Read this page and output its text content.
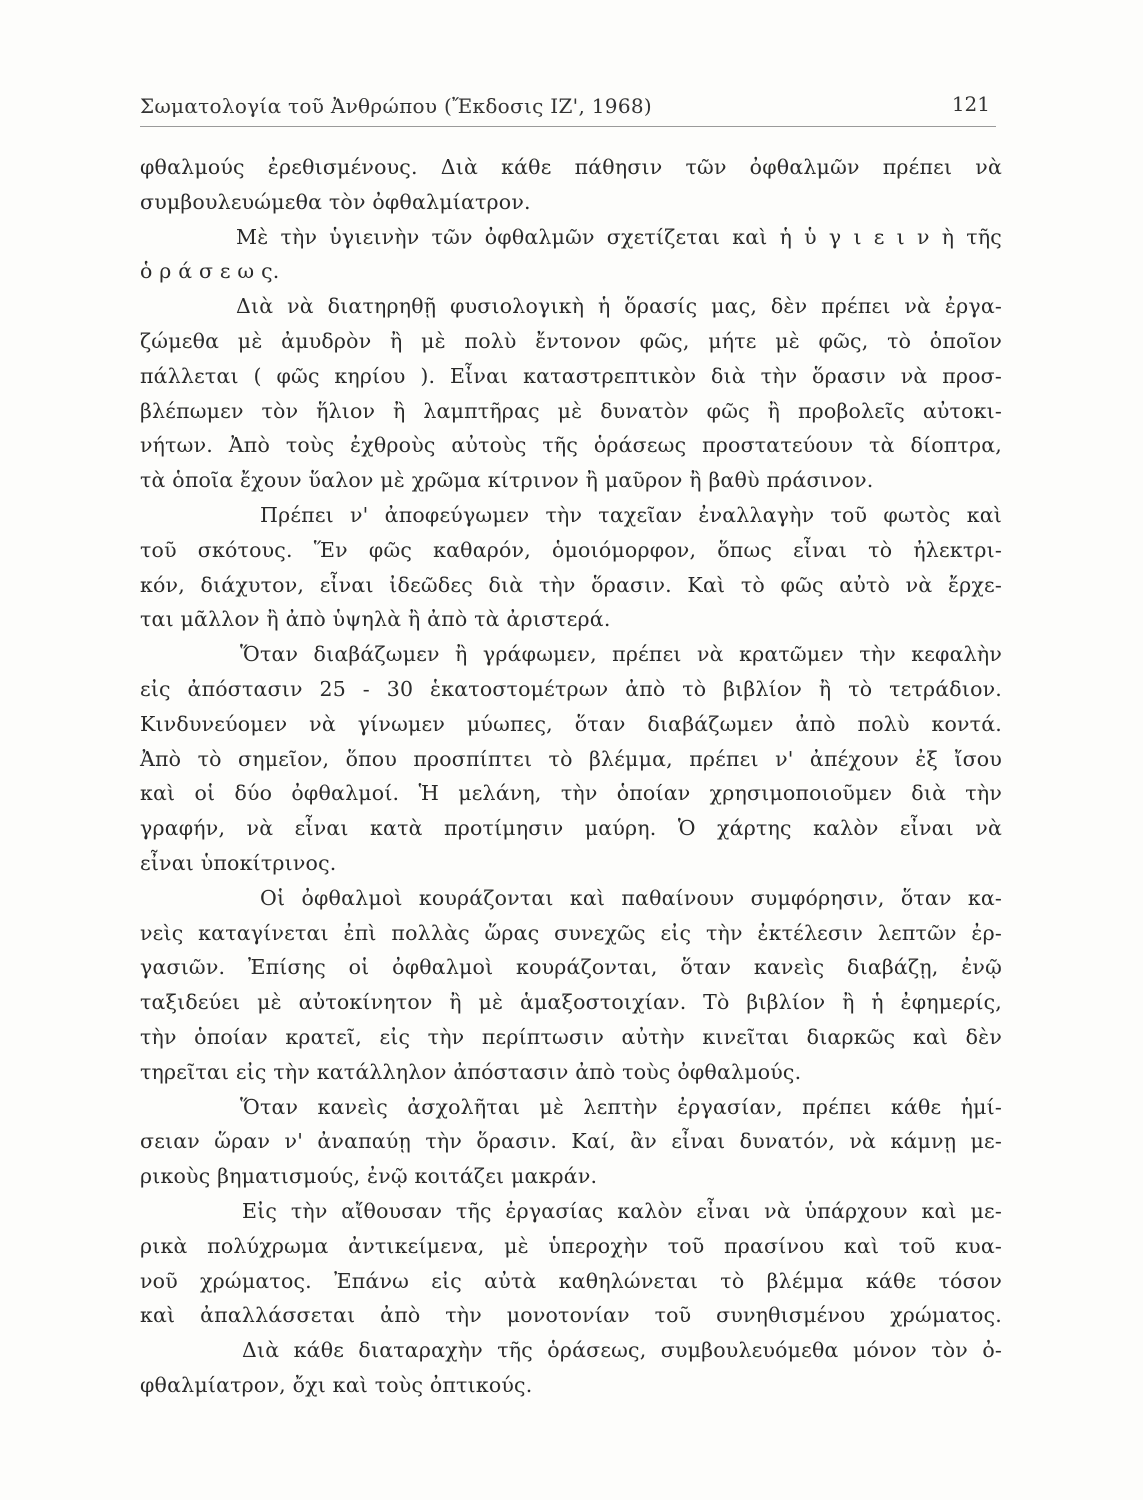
Σωματολογία τοῦ Ἀνθρώπου (Ἔκδοσις ΙΖ', 1968)	121
φθαλμούς ἐρεθισμένους. Διὰ κάθε πάθησιν τῶν ὀφθαλμῶν πρέπει νὰ
συμβουλευώμεθα τὸν ὀφθαλμίατρον.
Μὲ τὴν ὑγιεινὴν τῶν ὀφθαλμῶν σχετίζεται καὶ ἡ ὑ γ ι ε ι ν ὴ τῆς
ὁ ρ ά σ ε ω ς.
Διὰ νὰ διατηρηθῇ φυσιολογικὴ ἡ ὅρασίς μας, δὲν πρέπει νὰ ἐργα-
ζώμεθα μὲ ἀμυδρὸν ἢ μὲ πολὺ ἔντονον φῶς, μήτε μὲ φῶς, τὸ ὁποῖον
πάλλεται ( φῶς κηρίου ). Εἶναι καταστρεπτικὸν διὰ τὴν ὅρασιν νὰ προσ-
βλέπωμεν τὸν ἥλιον ἢ λαμπτῆρας μὲ δυνατὸν φῶς ἢ προβολεῖς αὐτοκι-
νήτων. Ἀπὸ τοὺς ἐχθροὺς αὐτοὺς τῆς ὁράσεως προστατεύουν τὰ δίοπτρα,
τὰ ὁποῖα ἔχουν ὕαλον μὲ χρῶμα κίτρινον ἢ μαῦρον ἢ βαθὺ πράσινον.
Πρέπει ν' ἀποφεύγωμεν τὴν ταχεῖαν ἐναλλαγὴν τοῦ φωτὸς καὶ
τοῦ σκότους. Ἕν φῶς καθαρόν, ὁμοιόμορφον, ὅπως εἶναι τὸ ἠλεκτρι-
κόν, διάχυτον, εἶναι ἰδεῶδες διὰ τὴν ὅρασιν. Καὶ τὸ φῶς αὐτὸ νὰ ἔρχε-
ται μᾶλλον ἢ ἀπὸ ὑψηλὰ ἢ ἀπὸ τὰ ἀριστερά.
Ὅταν διαβάζωμεν ἢ γράφωμεν, πρέπει νὰ κρατῶμεν τὴν κεφαλὴν
εἰς ἀπόστασιν 25 - 30 ἑκατοστομέτρων ἀπὸ τὸ βιβλίον ἢ τὸ τετράδιον.
Κινδυνεύομεν νὰ γίνωμεν μύωπες, ὅταν διαβάζωμεν ἀπὸ πολὺ κοντά.
Ἀπὸ τὸ σημεῖον, ὅπου προσπίπτει τὸ βλέμμα, πρέπει ν' ἀπέχουν ἐξ ἴσου
καὶ οἱ δύο ὀφθαλμοί. Ἡ μελάνη, τὴν ὁποίαν χρησιμοποιοῦμεν διὰ τὴν
γραφήν, νὰ εἶναι κατὰ προτίμησιν μαύρη. Ὁ χάρτης καλὸν εἶναι νὰ
εἶναι ὑποκίτρινος.
Οἱ ὀφθαλμοὶ κουράζονται καὶ παθαίνουν συμφόρησιν, ὅταν κα-
νεὶς καταγίνεται ἐπὶ πολλὰς ὥρας συνεχῶς εἰς τὴν ἐκτέλεσιν λεπτῶν ἐρ-
γασιῶν. Ἐπίσης οἱ ὀφθαλμοὶ κουράζονται, ὅταν κανεὶς διαβάζῃ, ἐνῷ
ταξιδεύει μὲ αὐτοκίνητον ἢ μὲ ἁμαξοστοιχίαν. Τὸ βιβλίον ἢ ἡ ἐφημερίς,
τὴν ὁποίαν κρατεῖ, εἰς τὴν περίπτωσιν αὐτὴν κινεῖται διαρκῶς καὶ δὲν
τηρεῖται εἰς τὴν κατάλληλον ἀπόστασιν ἀπὸ τοὺς ὀφθαλμούς.
Ὅταν κανεὶς ἀσχολῆται μὲ λεπτὴν ἐργασίαν, πρέπει κάθε ἡμί-
σειαν ὥραν ν' ἀναπαύῃ τὴν ὅρασιν. Καί, ἂν εἶναι δυνατόν, νὰ κάμνῃ με-
ρικοὺς βηματισμούς, ἐνῷ κοιτάζει μακράν.
Εἰς τὴν αἴθουσαν τῆς ἐργασίας καλὸν εἶναι νὰ ὑπάρχουν καὶ με-
ρικὰ πολύχρωμα ἀντικείμενα, μὲ ὑπεροχὴν τοῦ πρασίνου καὶ τοῦ κυα-
νοῦ χρώματος. Ἐπάνω εἰς αὐτὰ καθηλώνεται τὸ βλέμμα κάθε τόσον
καὶ ἀπαλλάσσεται ἀπὸ τὴν μονοτονίαν τοῦ συνηθισμένου χρώματος.
Διὰ κάθε διαταραχὴν τῆς ὁράσεως, συμβουλευόμεθα μόνον τὸν ὀ-
φθαλμίατρον, ὄχι καὶ τοὺς ὀπτικούς.
